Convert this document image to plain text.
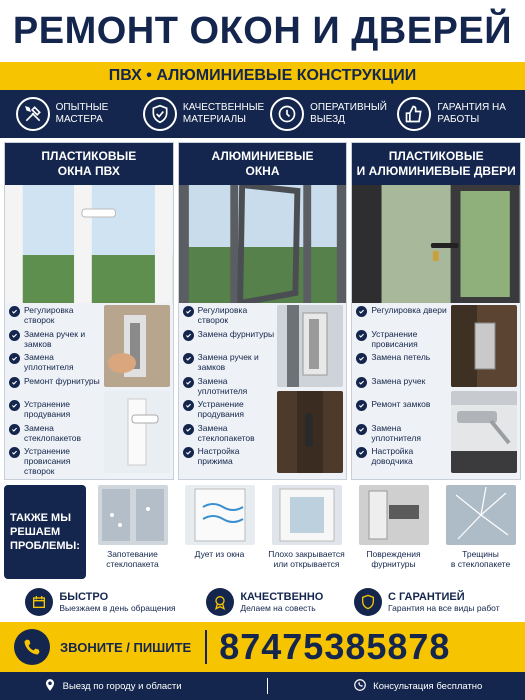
РЕМОНТ ОКОН И ДВЕРЕЙ
ПВХ • АЛЮМИНИЕВЫЕ КОНСТРУКЦИИ
ОПЫТНЫЕ МАСТЕРА
КАЧЕСТВЕННЫЕ МАТЕРИАЛЫ
ОПЕРАТИВНЫЙ ВЫЕЗД
ГАРАНТИЯ НА РАБОТЫ
ПЛАСТИКОВЫЕ
ОКНА ПВХ
Регулировка створок
Замена ручек и замков
Замена уплотнителя
Ремонт фурнитуры
Устранение продувания
Замена стеклопакетов
Устранение провисания створок
АЛЮМИНИЕВЫЕ
ОКНА
Регулировка створок
Замена фурнитуры
Замена ручек и замков
Замена уплотнителя
Устранение продувания
Замена стеклопакетов
Настройка прижима
ПЛАСТИКОВЫЕ
И АЛЮМИНИЕВЫЕ ДВЕРИ
Регулировка двери
Устранение провисания
Замена петель
Замена ручек
Ремонт замков
Замена уплотнителя
Настройка доводчика
ТАКЖЕ МЫ
РЕШАЕМ
ПРОБЛЕМЫ:
Запотевание
стеклопакета
Дует из окна	Плохо закрывается
или открывается
Повреждения
фурнитуры
Трещины
в стеклопакете
БЫСТРО
Выезжаем в день обращения
КАЧЕСТВЕННО
Делаем на совесть
С ГАРАНТИЕЙ
Гарантия на все виды работ
ЗВОНИТЕ / ПИШИТЕ 87475385878
Выезд по городу и области	Консультация бесплатно
